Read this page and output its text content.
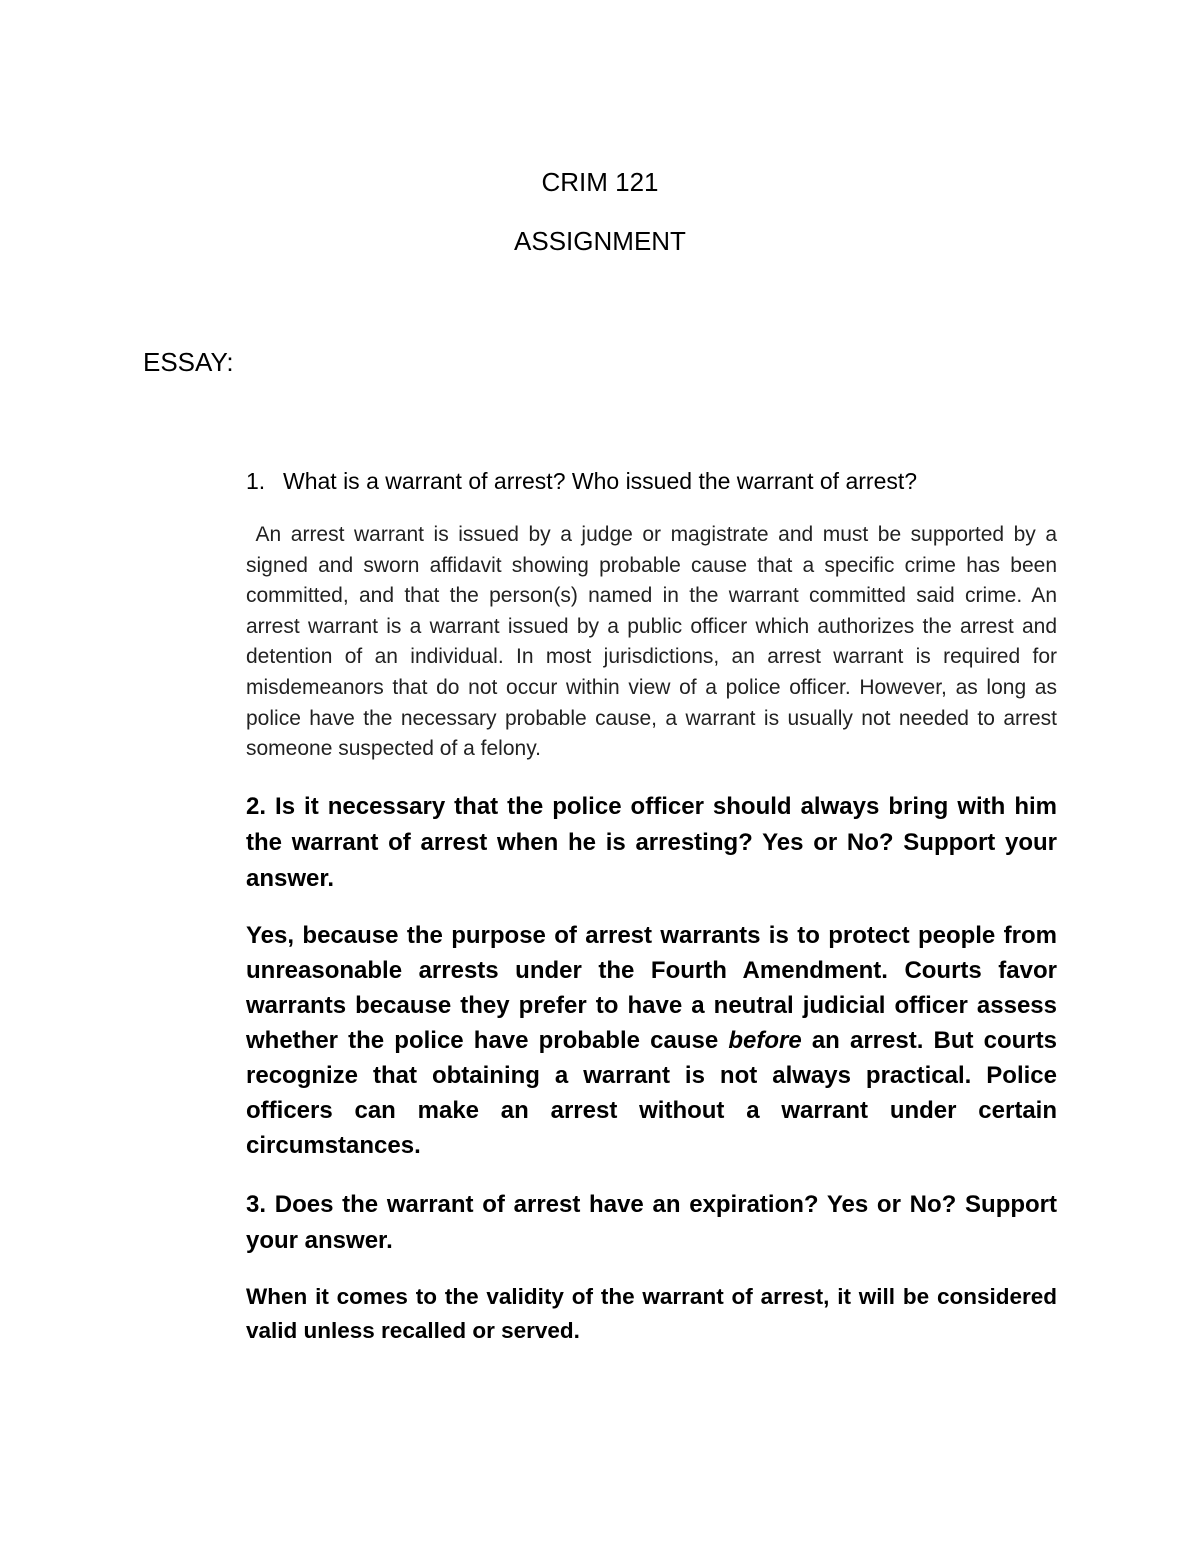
CRIM 121
ASSIGNMENT
ESSAY:

1. What is a warrant of arrest? Who issued the warrant of arrest?

An arrest warrant is issued by a judge or magistrate and must be supported by a signed and sworn affidavit showing probable cause that a specific crime has been committed, and that the person(s) named in the warrant committed said crime. An arrest warrant is a warrant issued by a public officer which authorizes the arrest and detention of an individual. In most jurisdictions, an arrest warrant is required for misdemeanors that do not occur within view of a police officer. However, as long as police have the necessary probable cause, a warrant is usually not needed to arrest someone suspected of a felony.

2. Is it necessary that the police officer should always bring with him the warrant of arrest when he is arresting? Yes or No? Support your answer.

Yes, because the purpose of arrest warrants is to protect people from unreasonable arrests under the Fourth Amendment. Courts favor warrants because they prefer to have a neutral judicial officer assess whether the police have probable cause before an arrest. But courts recognize that obtaining a warrant is not always practical. Police officers can make an arrest without a warrant under certain circumstances.

3. Does the warrant of arrest have an expiration? Yes or No? Support your answer.

When it comes to the validity of the warrant of arrest, it will be considered valid unless recalled or served.
